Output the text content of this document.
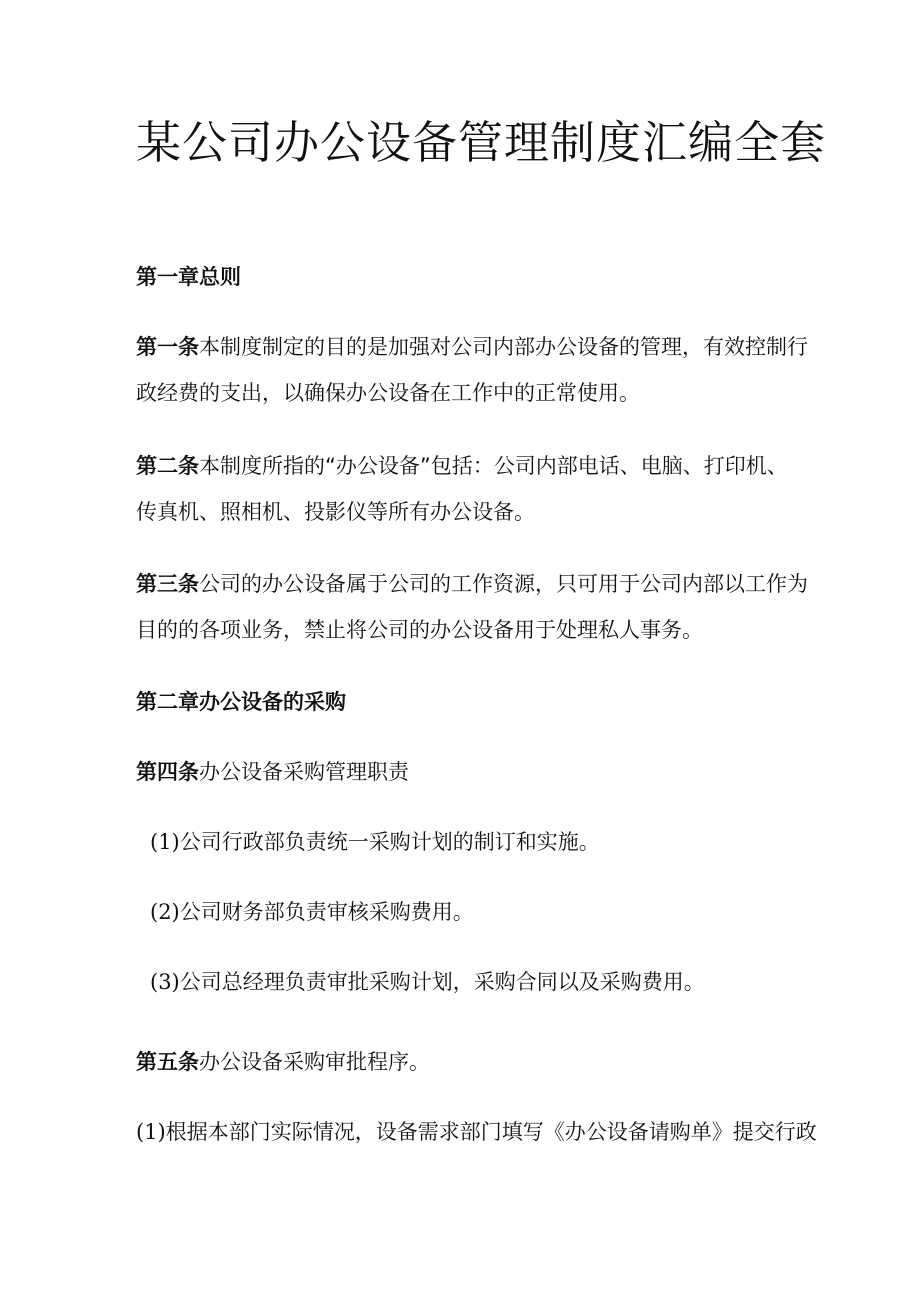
某公司办公设备管理制度汇编全套

第一章总则

第一条本制度制定的目的是加强对公司内部办公设备的管理，有效控制行
政经费的支出，以确保办公设备在工作中的正常使用。

第二条本制度所指的“办公设备”包括：公司内部电话、电脑、打印机、
传真机、照相机、投影仪等所有办公设备。

第三条公司的办公设备属于公司的工作资源，只可用于公司内部以工作为
目的的各项业务，禁止将公司的办公设备用于处理私人事务。

第二章办公设备的采购

第四条办公设备采购管理职责

(1)公司行政部负责统一采购计划的制订和实施。

(2)公司财务部负责审核采购费用。

(3)公司总经理负责审批采购计划，采购合同以及采购费用。

第五条办公设备采购审批程序。

(1)根据本部门实际情况，设备需求部门填写《办公设备请购单》提交行政
